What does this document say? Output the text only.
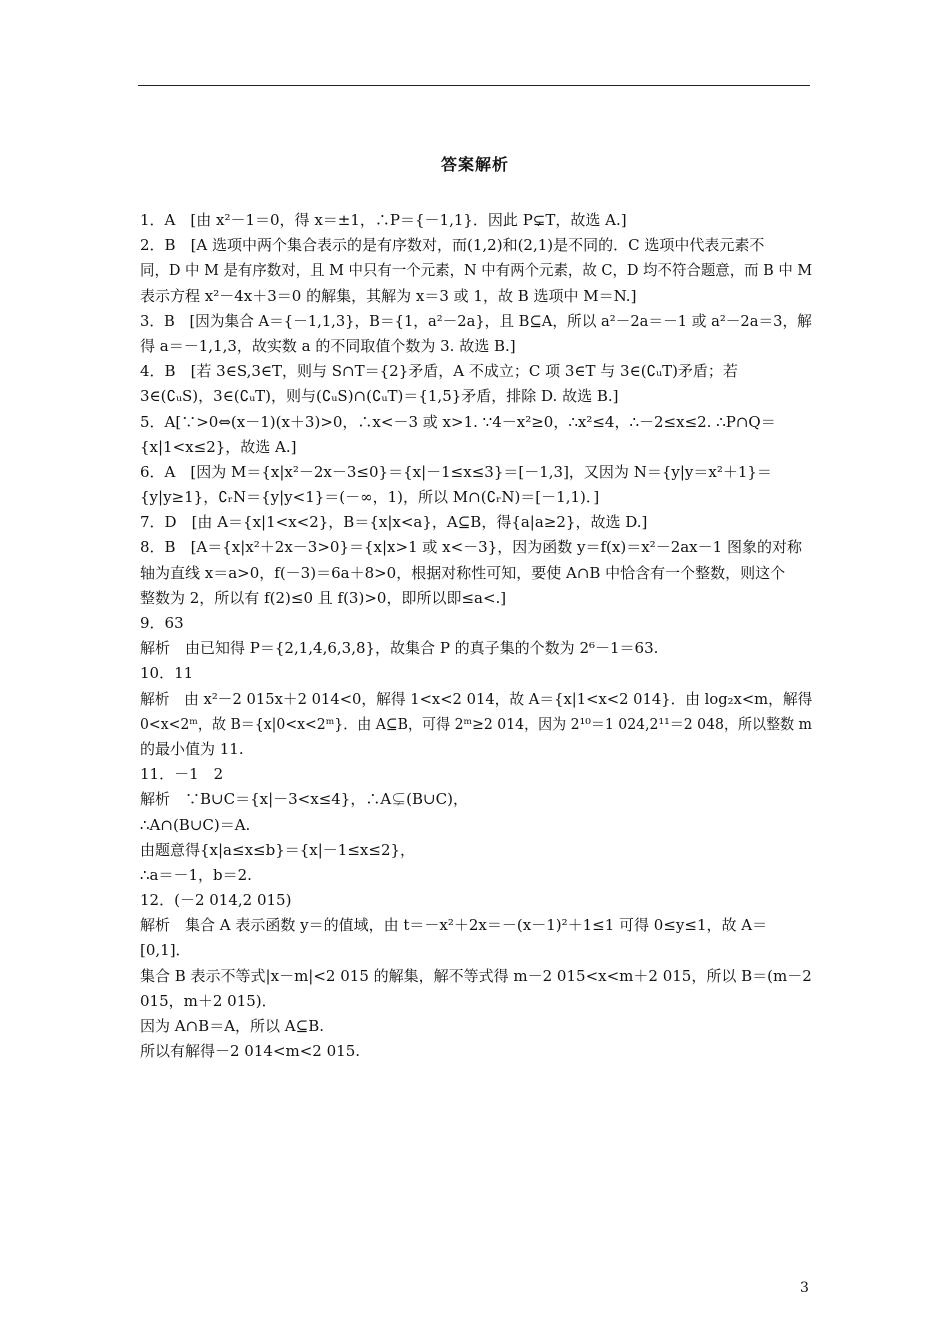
答案解析
1．A　[由 x²－1＝0，得 x＝±1，∴P＝{－1,1}．因此 P⊊T，故选 A.]
2．B　[A 选项中两个集合表示的是有序数对，而(1,2)和(2,1)是不同的．C 选项中代表元素不
同，D 中 M 是有序数对，且 M 中只有一个元素，N 中有两个元素，故 C，D 均不符合题意，而 B 中 M
表示方程 x²－4x＋3＝0 的解集，其解为 x＝3 或 1，故 B 选项中 M＝N.]
3．B　[因为集合 A＝{－1,1,3}，B＝{1，a²－2a}，且 B⊆A，所以 a²－2a＝－1 或 a²－2a＝3，解
得 a＝－1,1,3，故实数 a 的不同取值个数为 3. 故选 B.]
4．B　[若 3∈S,3∈T，则与 S∩T＝{2}矛盾，A 不成立；C 项 3∈T 与 3∈(∁ᵤT)矛盾；若
3∈(∁ᵤS)，3∈(∁ᵤT)，则与(∁ᵤS)∩(∁ᵤT)＝{1,5}矛盾，排除 D. 故选 B.]
5．A[∵>0⇔(x－1)(x＋3)>0，∴x<－3 或 x>1. ∵4－x²≥0，∴x²≤4，∴－2≤x≤2. ∴P∩Q＝
{x|1<x≤2}，故选 A.]
6．A　[因为 M＝{x|x²－2x－3≤0}＝{x|－1≤x≤3}＝[－1,3]，又因为 N＝{y|y＝x²＋1}＝
{y|y≥1}，∁ᵣN＝{y|y<1}＝(－∞，1)，所以 M∩(∁ᵣN)＝[－1,1)．]
7．D　[由 A＝{x|1<x<2}，B＝{x|x<a}，A⊆B，得{a|a≥2}，故选 D.]
8．B　[A＝{x|x²＋2x－3>0}＝{x|x>1 或 x<－3}，因为函数 y＝f(x)＝x²－2ax－1 图象的对称
轴为直线 x＝a>0，f(－3)＝6a＋8>0，根据对称性可知，要使 A∩B 中恰含有一个整数，则这个
整数为 2，所以有 f(2)≤0 且 f(3)>0，即所以即≤a<.]
9．63
解析　由已知得 P＝{2,1,4,6,3,8}，故集合 P 的真子集的个数为 2⁶－1＝63.
10．11
解析　由 x²－2 015x＋2 014<0，解得 1<x<2 014，故 A＝{x|1<x<2 014}．由 log₂x<m，解得
0<x<2ᵐ，故 B＝{x|0<x<2ᵐ}．由 A⊆B，可得 2ᵐ≥2 014，因为 2¹⁰＝1 024,2¹¹＝2 048，所以整数 m
的最小值为 11.
11．－1　2
解析　∵B∪C＝{x|－3<x≤4}，∴A⊊(B∪C)，
∴A∩(B∪C)＝A.
由题意得{x|a≤x≤b}＝{x|－1≤x≤2}，
∴a＝－1，b＝2.
12．(－2 014,2 015)
解析　集合 A 表示函数 y＝的值域，由 t＝－x²＋2x＝－(x－1)²＋1≤1 可得 0≤y≤1，故 A＝
[0,1]．
集合 B 表示不等式|x－m|<2 015 的解集，解不等式得 m－2 015<x<m＋2 015，所以 B＝(m－2
015，m＋2 015)．
因为 A∩B＝A，所以 A⊆B.
所以有解得－2 014<m<2 015.
3
